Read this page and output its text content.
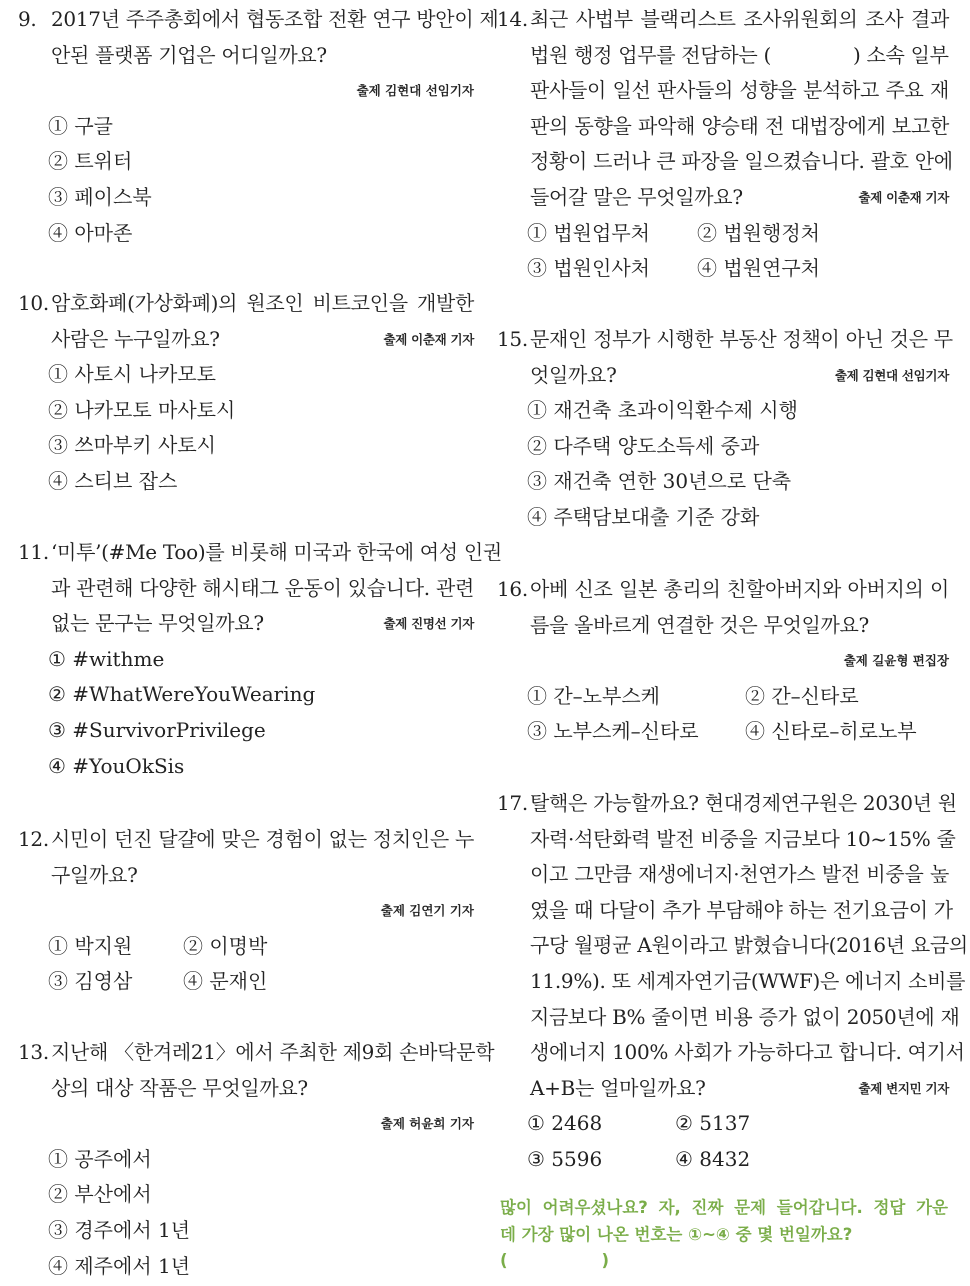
9. 2017년 주주총회에서 협동조합 전환 연구 방안이 제
안된 플랫폼 기업은 어디일까요?
출제 김현대 선임기자
① 구글
② 트위터
③ 페이스북
④ 아마존
10. 암호화폐(가상화폐)의 원조인 비트코인을 개발한
사람은 누구일까요?	출제 이춘재 기자
① 사토시 나카모토
② 나카모토 마사토시
③ 쓰마부키 사토시
④ 스티브 잡스
11. ‘미투’(#Me Too)를 비롯해 미국과 한국에 여성 인권
과 관련해 다양한 해시태그 운동이 있습니다. 관련
없는 문구는 무엇일까요?	출제 진명선 기자
① #withme
② #WhatWereYouWearing
③ #SurvivorPrivilege
④ #YouOkSis
12. 시민이 던진 달걀에 맞은 경험이 없는 정치인은 누
구일까요?
출제 김연기 기자
① 박지원	② 이명박
③ 김영삼	④ 문재인
13. 지난해 〈한겨레21〉에서 주최한 제9회 손바닥문학
상의 대상 작품은 무엇일까요?
출제 허윤희 기자
① 공주에서
② 부산에서
③ 경주에서 1년
④ 제주에서 1년
14. 최근 사법부 블랙리스트 조사위원회의 조사 결과
법원 행정 업무를 전담하는 (	) 소속 일부
판사들이 일선 판사들의 성향을 분석하고 주요 재
판의 동향을 파악해 양승태 전 대법장에게 보고한
정황이 드러나 큰 파장을 일으켰습니다. 괄호 안에
들어갈 말은 무엇일까요?	출제 이춘재 기자
① 법원업무처	② 법원행정처
③ 법원인사처	④ 법원연구처
15. 문재인 정부가 시행한 부동산 정책이 아닌 것은 무
엇일까요?	출제 김현대 선임기자
① 재건축 초과이익환수제 시행
② 다주택 양도소득세 중과
③ 재건축 연한 30년으로 단축
④ 주택담보대출 기준 강화
16. 아베 신조 일본 총리의 친할아버지와 아버지의 이
름을 올바르게 연결한 것은 무엇일까요?
출제 길윤형 편집장
① 간–노부스케	② 간–신타로
③ 노부스케–신타로	④ 신타로–히로노부
17. 탈핵은 가능할까요? 현대경제연구원은 2030년 원
자력·석탄화력 발전 비중을 지금보다 10~15% 줄
이고 그만큼 재생에너지·천연가스 발전 비중을 높
였을 때 다달이 추가 부담해야 하는 전기요금이 가
구당 월평균 A원이라고 밝혔습니다(2016년 요금의
11.9%). 또 세계자연기금(WWF)은 에너지 소비를
지금보다 B% 줄이면 비용 증가 없이 2050년에 재
생에너지 100% 사회가 가능하다고 합니다. 여기서
A+B는 얼마일까요?	출제 변지민 기자
① 2468	② 5137
③ 5596	④ 8432
많이 어려우셨나요? 자, 진짜 문제 들어갑니다. 정답 가운
데 가장 많이 나온 번호는 ①~④ 중 몇 번일까요?
(	)
